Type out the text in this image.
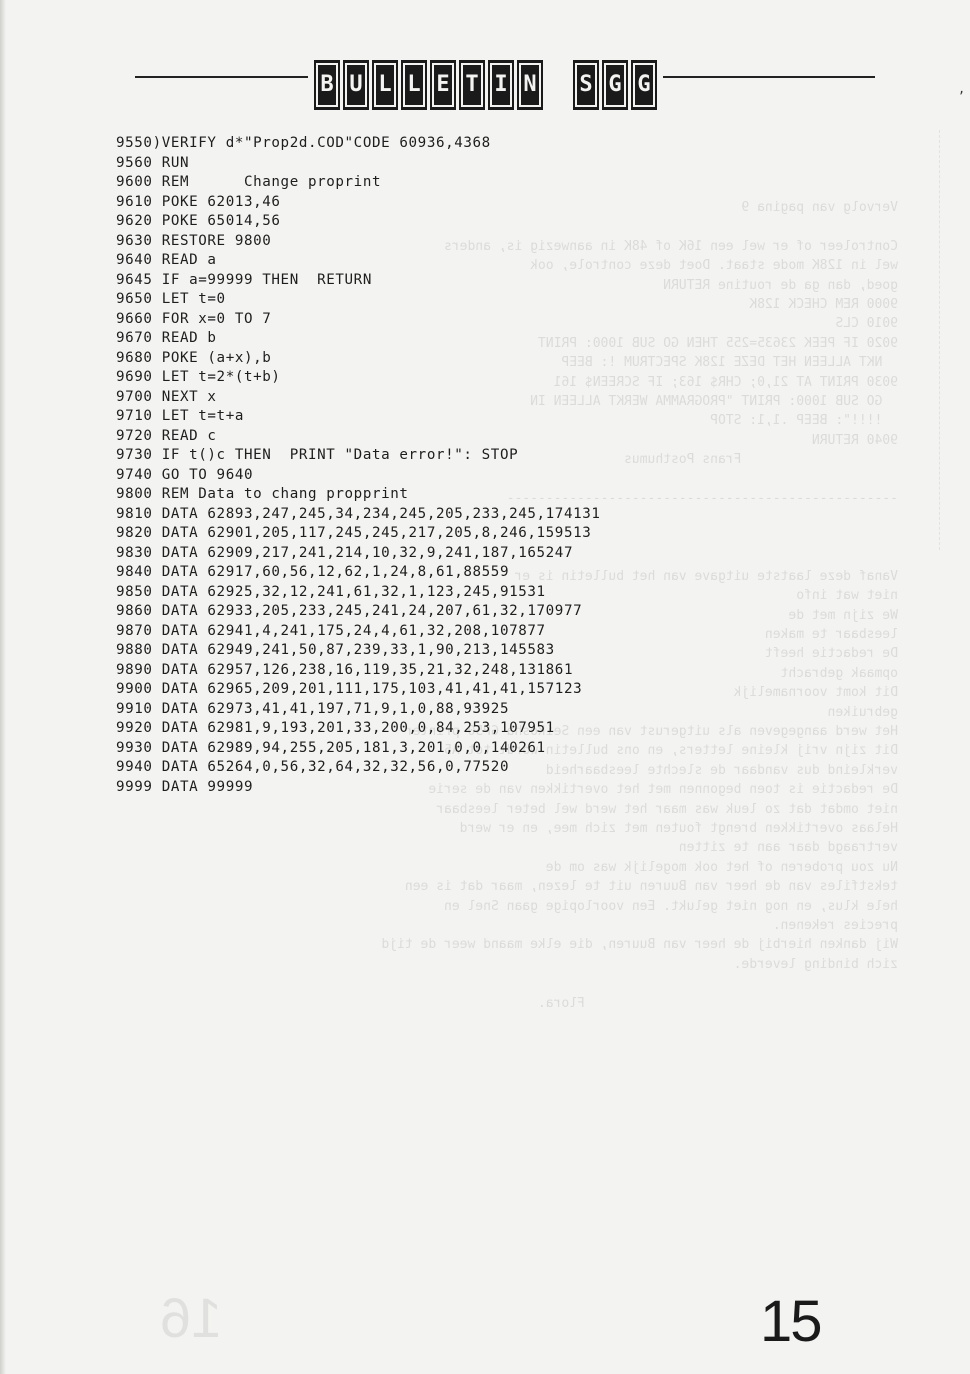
B U L L E T I N S G G	,
Vervolg van pagina 9

Controleer of er wel een 16K of 48K in aanwezig is, anders
wel in 128K mode staat. Doet deze controle, ook
goed, dan ga de routine RETURN
9000 REM CHECK 128K
9010 CLS
9020 IF PEEK 23635=255 THEN GO SUB 1000: PRINT
NKT ALLEEN HET DEZE 128K SPECTRUM !: BEEP
9030 PRINT AT 21,0; CHR$ 163; IF SCREEN$ 161
GO SUB 1000: PRINT "PROGRAMMA WERKT ALLEEN IN
!!!!": BEEP .1,1: STOP
9040 RETURN
Frans Posthumus

--------------------------------------------------

Vanaf deze laatste uitgave van het bulletin is er
niet wat info
We zijn met de
leesbaar te maken
De redactie heeft
opmaak gebracht
Dit komt voornamelijk
gebruiken
Het werd aangegeven als uitgerust van een Seikosha GP50 printer
Dit zijn vrij kleine letters, en ons bulletin wordt tot A5
verkleind dus vandaar de slechte leesbaarheid
De redactie is toen begonnen met het overtikken van de serie
niet omdat dat zo leuk was maar het werd wel beter leesbaar
Helaas overtikken brengt fouten met zich mee, en er werd
vertraagd daar aan te zitten
Nu zou proberen of het ook mogelijk was om de
tekstfiles van de heer van Buuren uit te lezen, maar dat is een
hele klus, en nog niet gelukt. Een voorlopige gaan Snel en
precies rekenen.
Wij danken hierbij de heer van Buuren, die elke maand weer de tijd
zich binding leverde.

Flora.
16
9550)VERIFY d*"Prop2d.COD"CODE 60936,4368
9560 RUN
9600 REM      Change proprint
9610 POKE 62013,46
9620 POKE 65014,56
9630 RESTORE 9800
9640 READ a
9645 IF a=99999 THEN  RETURN
9650 LET t=0
9660 FOR x=0 TO 7
9670 READ b
9680 POKE (a+x),b
9690 LET t=2*(t+b)
9700 NEXT x
9710 LET t=t+a
9720 READ c
9730 IF t()c THEN  PRINT "Data error!": STOP
9740 GO TO 9640
9800 REM Data to chang propprint
9810 DATA 62893,247,245,34,234,245,205,233,245,174131
9820 DATA 62901,205,117,245,245,217,205,8,246,159513
9830 DATA 62909,217,241,214,10,32,9,241,187,165247
9840 DATA 62917,60,56,12,62,1,24,8,61,88559
9850 DATA 62925,32,12,241,61,32,1,123,245,91531
9860 DATA 62933,205,233,245,241,24,207,61,32,170977
9870 DATA 62941,4,241,175,24,4,61,32,208,107877
9880 DATA 62949,241,50,87,239,33,1,90,213,145583
9890 DATA 62957,126,238,16,119,35,21,32,248,131861
9900 DATA 62965,209,201,111,175,103,41,41,41,157123
9910 DATA 62973,41,41,197,71,9,1,0,88,93925
9920 DATA 62981,9,193,201,33,200,0,84,253,107951
9930 DATA 62989,94,255,205,181,3,201,0,0,140261
9940 DATA 65264,0,56,32,64,32,32,56,0,77520
9999 DATA 99999
15
